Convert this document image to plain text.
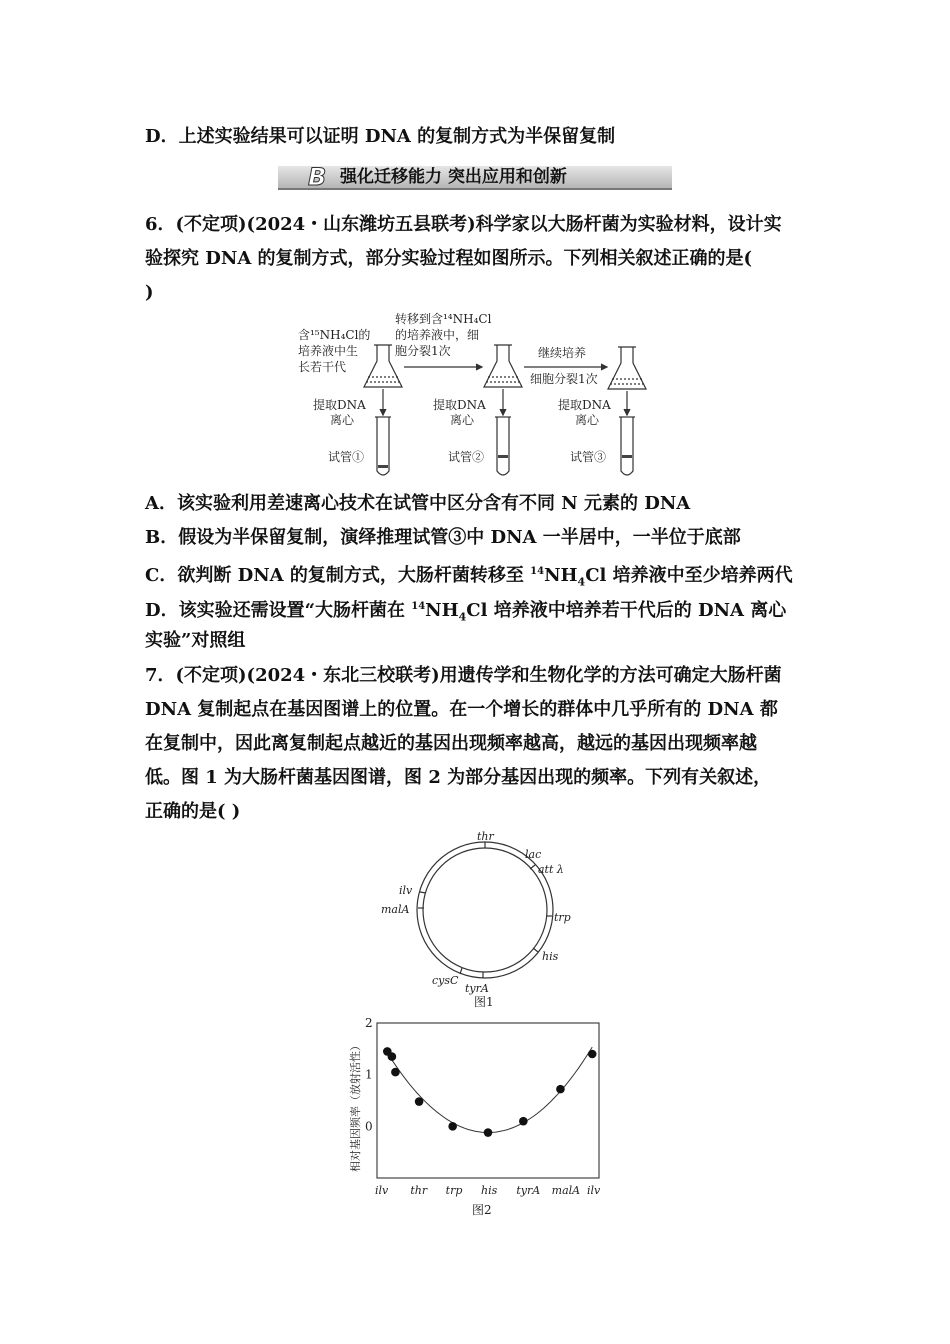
D．上述实验结果可以证明 DNA 的复制方式为半保留复制
B 强化迁移能力 突出应用和创新
6．(不定项)(2024・山东潍坊五县联考)科学家以大肠杆菌为实验材料，设计实
验探究 DNA 的复制方式，部分实验过程如图所示。下列相关叙述正确的是(
)
含¹⁵NH₄Cl的
培养液中生
长若干代
转移到含¹⁴NH₄Cl
的培养液中，细
胞分裂1次	继续培养
细胞分裂1次
提取DNA
离心
提取DNA
离心
提取DNA
离心
试管①	试管②	试管③
A．该实验利用差速离心技术在试管中区分含有不同 N 元素的 DNA
B．假设为半保留复制，演绎推理试管③中 DNA 一半居中，一半位于底部
C．欲判断 DNA 的复制方式，大肠杆菌转移至 $^{14}NH_4Cl$ 培养液中至少培养两代
D．该实验还需设置“大肠杆菌在 $^{14}NH_4Cl$ 培养液中培养若干代后的 DNA 离心
实验”对照组
7．(不定项)(2024・东北三校联考)用遗传学和生物化学的方法可确定大肠杆菌
DNA 复制起点在基因图谱上的位置。在一个增长的群体中几乎所有的 DNA 都
在复制中，因此离复制起点越近的基因出现频率越高，越远的基因出现频率越
低。图 1 为大肠杆菌基因图谱，图 2 为部分基因出现的频率。下列有关叙述，
正确的是( )
thr
lac
att λ
trp
his
tyrA
cysC
malA
ilv
图1
相对基因频率（放射活性）
2
1
0
ilv thr trp his tyrA malA ilv
图2
